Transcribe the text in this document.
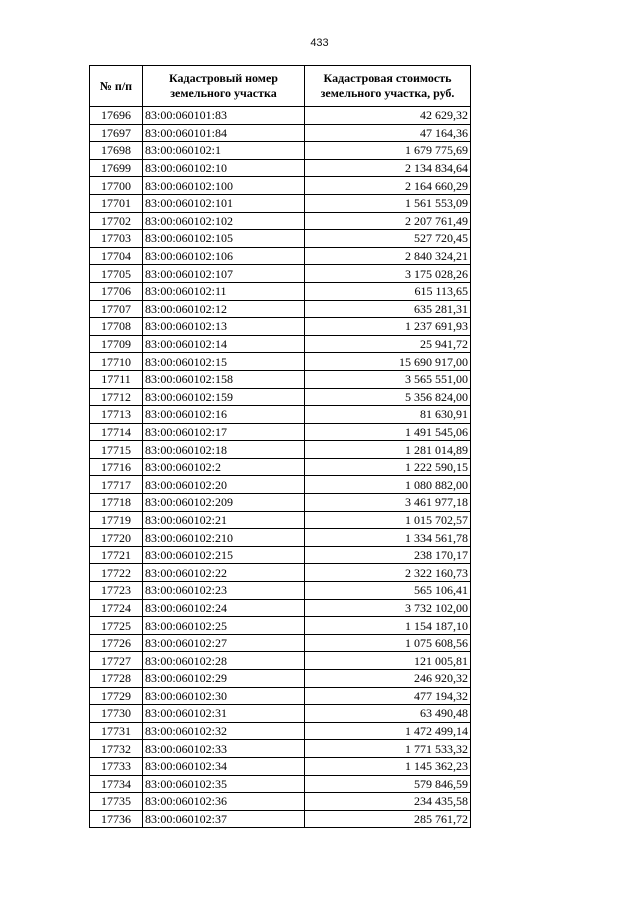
433
№ п/п	Кадастровый номер земельного участка	Кадастровая стоимость земельного участка, руб.
17696	83:00:060101:83	42 629,32
17697	83:00:060101:84	47 164,36
17698	83:00:060102:1	1 679 775,69
17699	83:00:060102:10	2 134 834,64
17700	83:00:060102:100	2 164 660,29
17701	83:00:060102:101	1 561 553,09
17702	83:00:060102:102	2 207 761,49
17703	83:00:060102:105	527 720,45
17704	83:00:060102:106	2 840 324,21
17705	83:00:060102:107	3 175 028,26
17706	83:00:060102:11	615 113,65
17707	83:00:060102:12	635 281,31
17708	83:00:060102:13	1 237 691,93
17709	83:00:060102:14	25 941,72
17710	83:00:060102:15	15 690 917,00
17711	83:00:060102:158	3 565 551,00
17712	83:00:060102:159	5 356 824,00
17713	83:00:060102:16	81 630,91
17714	83:00:060102:17	1 491 545,06
17715	83:00:060102:18	1 281 014,89
17716	83:00:060102:2	1 222 590,15
17717	83:00:060102:20	1 080 882,00
17718	83:00:060102:209	3 461 977,18
17719	83:00:060102:21	1 015 702,57
17720	83:00:060102:210	1 334 561,78
17721	83:00:060102:215	238 170,17
17722	83:00:060102:22	2 322 160,73
17723	83:00:060102:23	565 106,41
17724	83:00:060102:24	3 732 102,00
17725	83:00:060102:25	1 154 187,10
17726	83:00:060102:27	1 075 608,56
17727	83:00:060102:28	121 005,81
17728	83:00:060102:29	246 920,32
17729	83:00:060102:30	477 194,32
17730	83:00:060102:31	63 490,48
17731	83:00:060102:32	1 472 499,14
17732	83:00:060102:33	1 771 533,32
17733	83:00:060102:34	1 145 362,23
17734	83:00:060102:35	579 846,59
17735	83:00:060102:36	234 435,58
17736	83:00:060102:37	285 761,72
